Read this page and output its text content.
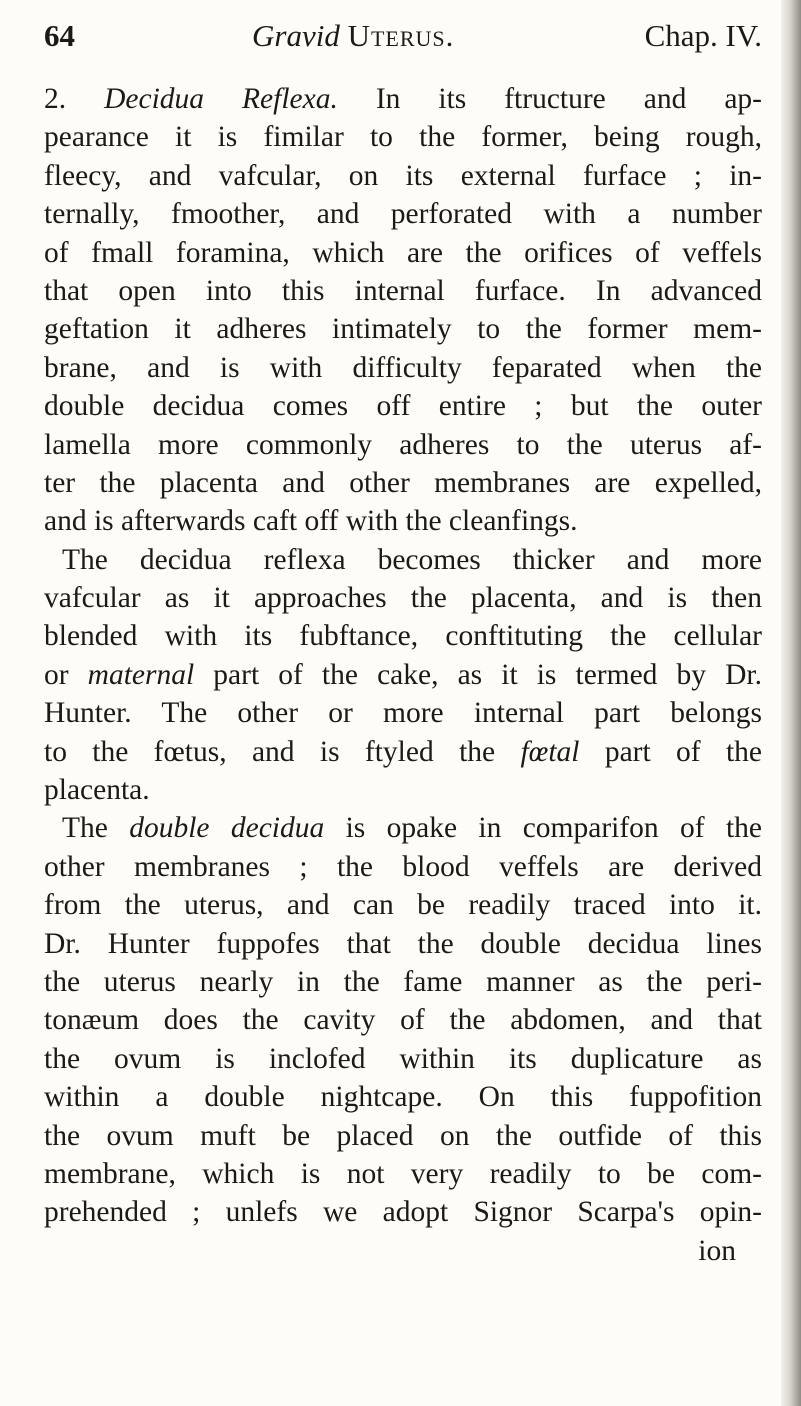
64	Gravid Uterus.	Chap. IV.
2. Decidua Reflexa. In its ftructure and ap-
pearance it is fimilar to the former, being rough,
fleecy, and vafcular, on its external furface ; in-
ternally, fmoother, and perforated with a number
of fmall foramina, which are the orifices of veffels
that open into this internal furface. In advanced
geftation it adheres intimately to the former mem-
brane, and is with difficulty feparated when the
double decidua comes off entire ; but the outer
lamella more commonly adheres to the uterus af-
ter the placenta and other membranes are expelled,
and is afterwards caft off with the cleanfings.
The decidua reflexa becomes thicker and more
vafcular as it approaches the placenta, and is then
blended with its fubftance, conftituting the cellular
or maternal part of the cake, as it is termed by Dr.
Hunter. The other or more internal part belongs
to the fœtus, and is ftyled the fœtal part of the
placenta.
The double decidua is opake in comparifon of the
other membranes ; the blood veffels are derived
from the uterus, and can be readily traced into it.
Dr. Hunter fuppofes that the double decidua lines
the uterus nearly in the fame manner as the peri-
tonæum does the cavity of the abdomen, and that
the ovum is inclofed within its duplicature as
within a double nightcape. On this fuppofition
the ovum muft be placed on the outfide of this
membrane, which is not very readily to be com-
prehended ; unlefs we adopt Signor Scarpa's opin-
ion
